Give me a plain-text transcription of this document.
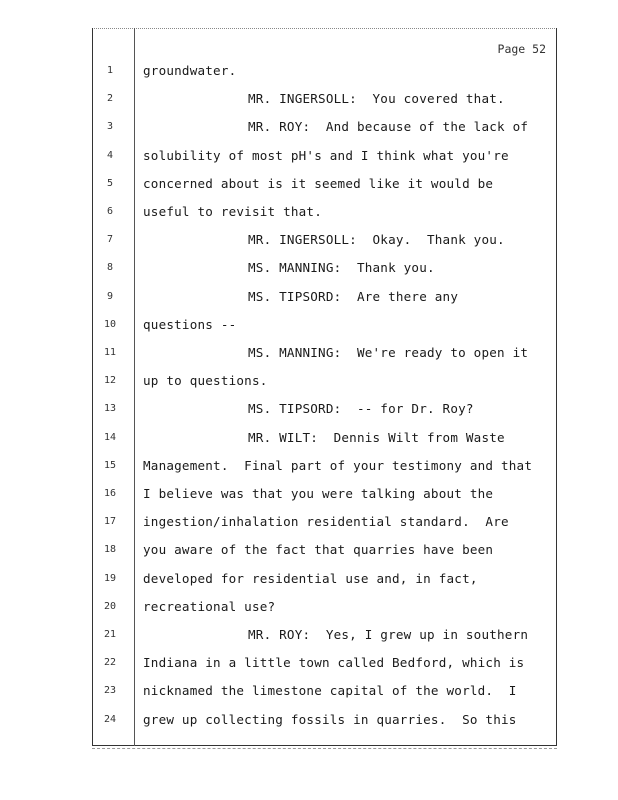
Page 52
1	groundwater.
2	MR. INGERSOLL:  You covered that.
3	MR. ROY:  And because of the lack of
4	solubility of most pH's and I think what you're
5	concerned about is it seemed like it would be
6	useful to revisit that.
7	MR. INGERSOLL:  Okay.  Thank you.
8	MS. MANNING:  Thank you.
9	MS. TIPSORD:  Are there any
10	questions --
11	MS. MANNING:  We're ready to open it
12	up to questions.
13	MS. TIPSORD:  -- for Dr. Roy?
14	MR. WILT:  Dennis Wilt from Waste
15	Management.  Final part of your testimony and that
16	I believe was that you were talking about the
17	ingestion/inhalation residential standard.  Are
18	you aware of the fact that quarries have been
19	developed for residential use and, in fact,
20	recreational use?
21	MR. ROY:  Yes, I grew up in southern
22	Indiana in a little town called Bedford, which is
23	nicknamed the limestone capital of the world.  I
24	grew up collecting fossils in quarries.  So this
